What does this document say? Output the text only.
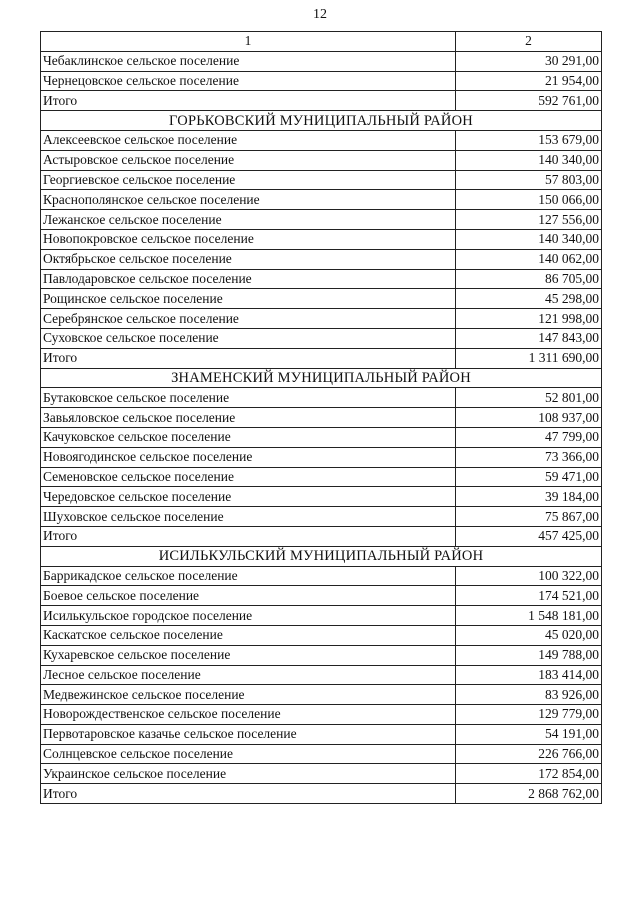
12
1	2
Чебаклинское сельское поселение	30 291,00
Чернецовское сельское поселение	21 954,00
Итого	592 761,00
ГОРЬКОВСКИЙ МУНИЦИПАЛЬНЫЙ РАЙОН	
Алексеевское сельское поселение	153 679,00
Астыровское сельское поселение	140 340,00
Георгиевское сельское поселение	57 803,00
Краснополянское сельское поселение	150 066,00
Лежанское сельское поселение	127 556,00
Новопокровское сельское поселение	140 340,00
Октябрьское сельское поселение	140 062,00
Павлодаровское сельское поселение	86 705,00
Рощинское сельское поселение	45 298,00
Серебрянское сельское поселение	121 998,00
Суховское сельское поселение	147 843,00
Итого	1 311 690,00
ЗНАМЕНСКИЙ МУНИЦИПАЛЬНЫЙ РАЙОН	
Бутаковское сельское поселение	52 801,00
Завьяловское сельское поселение	108 937,00
Качуковское сельское поселение	47 799,00
Новоягодинское сельское поселение	73 366,00
Семеновское сельское поселение	59 471,00
Чередовское сельское поселение	39 184,00
Шуховское сельское поселение	75 867,00
Итого	457 425,00
ИСИЛЬКУЛЬСКИЙ МУНИЦИПАЛЬНЫЙ РАЙОН	
Баррикадское сельское поселение	100 322,00
Боевое сельское поселение	174 521,00
Исилькульское городское поселение	1 548 181,00
Каскатское сельское поселение	45 020,00
Кухаревское сельское поселение	149 788,00
Лесное сельское поселение	183 414,00
Медвежинское сельское поселение	83 926,00
Новорождественское сельское поселение	129 779,00
Первотаровское казачье сельское поселение	54 191,00
Солнцевское сельское поселение	226 766,00
Украинское сельское поселение	172 854,00
Итого	2 868 762,00
